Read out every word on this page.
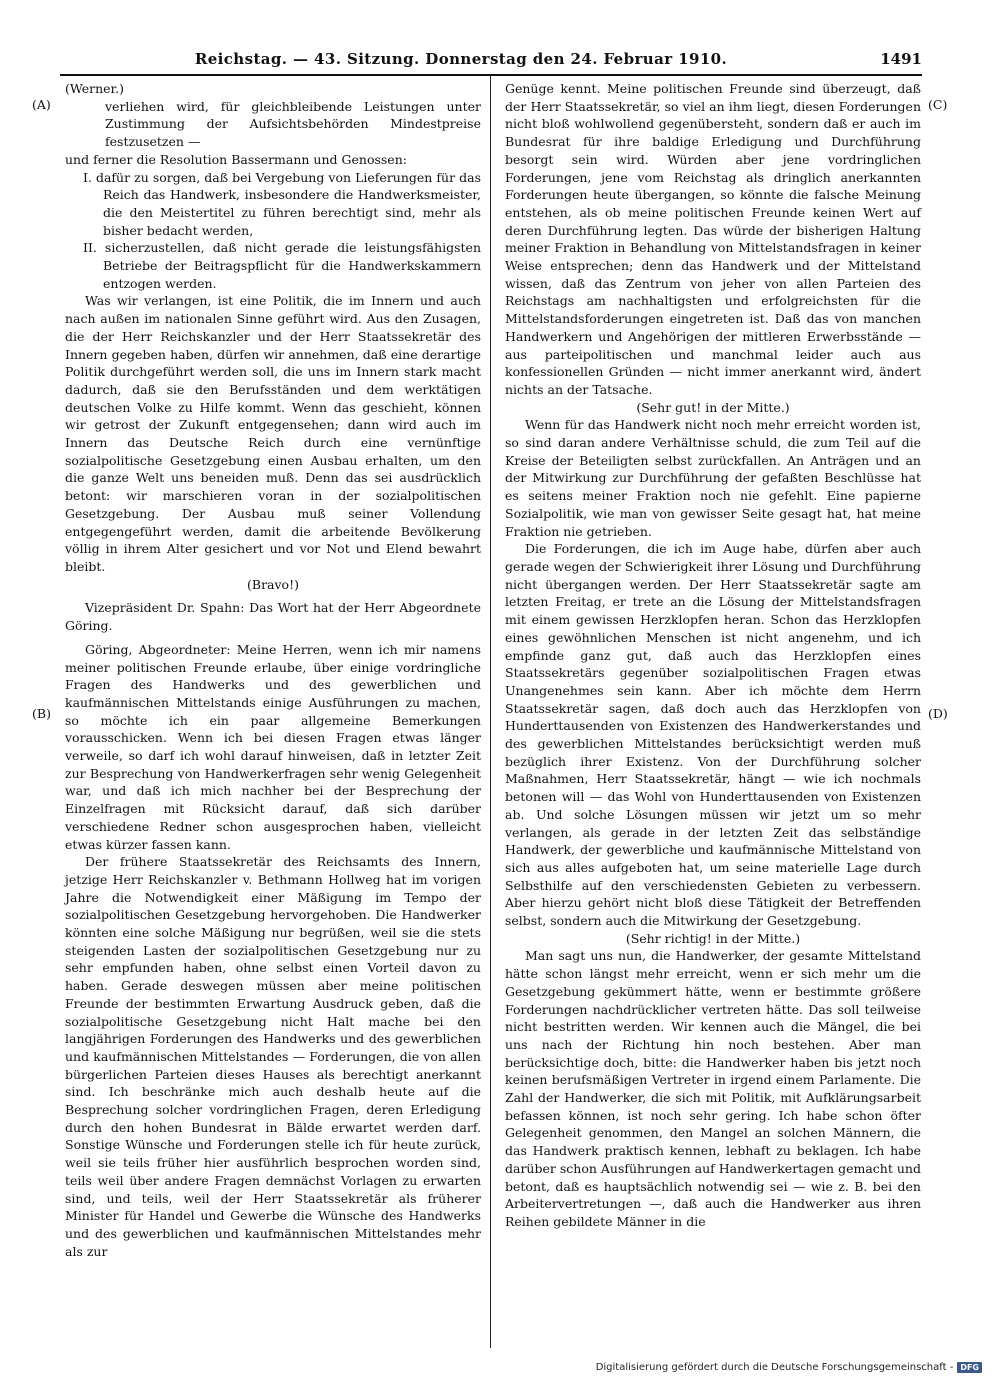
Reichstag. — 43. Sitzung. Donnerstag den 24. Februar 1910.	1491
(A)
(B)
(C)
(D)

(Werner.)

verliehen wird, für gleichbleibende Leistungen unter Zustimmung der Aufsichtsbehörden Mindestpreise festzusetzen —

und ferner die Resolution Bassermann und Genossen:

I. dafür zu sorgen, daß bei Vergebung von Lieferungen für das Reich das Handwerk, insbesondere die Handwerksmeister, die den Meistertitel zu führen berechtigt sind, mehr als bisher bedacht werden,

II. sicherzustellen, daß nicht gerade die leistungsfähigsten Betriebe der Beitragspflicht für die Handwerkskammern entzogen werden.

Was wir verlangen, ist eine Politik, die im Innern und auch nach außen im nationalen Sinne geführt wird. Aus den Zusagen, die der Herr Reichskanzler und der Herr Staatssekretär des Innern gegeben haben, dürfen wir annehmen, daß eine derartige Politik durchgeführt werden soll, die uns im Innern stark macht dadurch, daß sie den Berufsständen und dem werktätigen deutschen Volke zu Hilfe kommt. Wenn das geschieht, können wir getrost der Zukunft entgegensehen; dann wird auch im Innern das Deutsche Reich durch eine vernünftige sozialpolitische Gesetzgebung einen Ausbau erhalten, um den die ganze Welt uns beneiden muß. Denn das sei ausdrücklich betont: wir marschieren voran in der sozialpolitischen Gesetzgebung. Der Ausbau muß seiner Vollendung entgegengeführt werden, damit die arbeitende Bevölkerung völlig in ihrem Alter gesichert und vor Not und Elend bewahrt bleibt.

(Bravo!)

Vizepräsident Dr. Spahn: Das Wort hat der Herr Abgeordnete Göring.

Göring, Abgeordneter: Meine Herren, wenn ich mir namens meiner politischen Freunde erlaube, über einige vordringliche Fragen des Handwerks und des gewerblichen und kaufmännischen Mittelstands einige Ausführungen zu machen, so möchte ich ein paar allgemeine Bemerkungen vorausschicken. Wenn ich bei diesen Fragen etwas länger verweile, so darf ich wohl darauf hinweisen, daß in letzter Zeit zur Besprechung von Handwerkerfragen sehr wenig Gelegenheit war, und daß ich mich nachher bei der Besprechung der Einzelfragen mit Rücksicht darauf, daß sich darüber verschiedene Redner schon ausgesprochen haben, vielleicht etwas kürzer fassen kann.

Der frühere Staatssekretär des Reichsamts des Innern, jetzige Herr Reichskanzler v. Bethmann Hollweg hat im vorigen Jahre die Notwendigkeit einer Mäßigung im Tempo der sozialpolitischen Gesetzgebung hervorgehoben. Die Handwerker könnten eine solche Mäßigung nur begrüßen, weil sie die stets steigenden Lasten der sozialpolitischen Gesetzgebung nur zu sehr empfunden haben, ohne selbst einen Vorteil davon zu haben. Gerade deswegen müssen aber meine politischen Freunde der bestimmten Erwartung Ausdruck geben, daß die sozialpolitische Gesetzgebung nicht Halt mache bei den langjährigen Forderungen des Handwerks und des gewerblichen und kaufmännischen Mittelstandes — Forderungen, die von allen bürgerlichen Parteien dieses Hauses als berechtigt anerkannt sind. Ich beschränke mich auch deshalb heute auf die Besprechung solcher vordringlichen Fragen, deren Erledigung durch den hohen Bundesrat in Bälde erwartet werden darf. Sonstige Wünsche und Forderungen stelle ich für heute zurück, weil sie teils früher hier ausführlich besprochen worden sind, teils weil über andere Fragen demnächst Vorlagen zu erwarten sind, und teils, weil der Herr Staatssekretär als früherer Minister für Handel und Gewerbe die Wünsche des Handwerks und des gewerblichen und kaufmännischen Mittelstandes mehr als zur

Genüge kennt. Meine politischen Freunde sind überzeugt, daß der Herr Staatssekretär, so viel an ihm liegt, diesen Forderungen nicht bloß wohlwollend gegenübersteht, sondern daß er auch im Bundesrat für ihre baldige Erledigung und Durchführung besorgt sein wird. Würden aber jene vordringlichen Forderungen, jene vom Reichstag als dringlich anerkannten Forderungen heute übergangen, so könnte die falsche Meinung entstehen, als ob meine politischen Freunde keinen Wert auf deren Durchführung legten. Das würde der bisherigen Haltung meiner Fraktion in Behandlung von Mittelstandsfragen in keiner Weise entsprechen; denn das Handwerk und der Mittelstand wissen, daß das Zentrum von jeher von allen Parteien des Reichstags am nachhaltigsten und erfolgreichsten für die Mittelstandsforderungen eingetreten ist. Daß das von manchen Handwerkern und Angehörigen der mittleren Erwerbsstände — aus parteipolitischen und manchmal leider auch aus konfessionellen Gründen — nicht immer anerkannt wird, ändert nichts an der Tatsache.

(Sehr gut! in der Mitte.)

Wenn für das Handwerk nicht noch mehr erreicht worden ist, so sind daran andere Verhältnisse schuld, die zum Teil auf die Kreise der Beteiligten selbst zurückfallen. An Anträgen und an der Mitwirkung zur Durchführung der gefaßten Beschlüsse hat es seitens meiner Fraktion noch nie gefehlt. Eine papierne Sozialpolitik, wie man von gewisser Seite gesagt hat, hat meine Fraktion nie getrieben.

Die Forderungen, die ich im Auge habe, dürfen aber auch gerade wegen der Schwierigkeit ihrer Lösung und Durchführung nicht übergangen werden. Der Herr Staatssekretär sagte am letzten Freitag, er trete an die Lösung der Mittelstandsfragen mit einem gewissen Herzklopfen heran. Schon das Herzklopfen eines gewöhnlichen Menschen ist nicht angenehm, und ich empfinde ganz gut, daß auch das Herzklopfen eines Staatssekretärs gegenüber sozialpolitischen Fragen etwas Unangenehmes sein kann. Aber ich möchte dem Herrn Staatssekretär sagen, daß doch auch das Herzklopfen von Hunderttausenden von Existenzen des Handwerkerstandes und des gewerblichen Mittelstandes berücksichtigt werden muß bezüglich ihrer Existenz. Von der Durchführung solcher Maßnahmen, Herr Staatssekretär, hängt — wie ich nochmals betonen will — das Wohl von Hunderttausenden von Existenzen ab. Und solche Lösungen müssen wir jetzt um so mehr verlangen, als gerade in der letzten Zeit das selbständige Handwerk, der gewerbliche und kaufmännische Mittelstand von sich aus alles aufgeboten hat, um seine materielle Lage durch Selbsthilfe auf den verschiedensten Gebieten zu verbessern. Aber hierzu gehört nicht bloß diese Tätigkeit der Betreffenden selbst, sondern auch die Mitwirkung der Gesetzgebung.

(Sehr richtig! in der Mitte.)

Man sagt uns nun, die Handwerker, der gesamte Mittelstand hätte schon längst mehr erreicht, wenn er sich mehr um die Gesetzgebung gekümmert hätte, wenn er bestimmte größere Forderungen nachdrücklicher vertreten hätte. Das soll teilweise nicht bestritten werden. Wir kennen auch die Mängel, die bei uns nach der Richtung hin noch bestehen. Aber man berücksichtige doch, bitte: die Handwerker haben bis jetzt noch keinen berufsmäßigen Vertreter in irgend einem Parlamente. Die Zahl der Handwerker, die sich mit Politik, mit Aufklärungsarbeit befassen können, ist noch sehr gering. Ich habe schon öfter Gelegenheit genommen, den Mangel an solchen Männern, die das Handwerk praktisch kennen, lebhaft zu beklagen. Ich habe darüber schon Ausführungen auf Handwerkertagen gemacht und betont, daß es hauptsächlich notwendig sei — wie z. B. bei den Arbeitervertretungen —, daß auch die Handwerker aus ihren Reihen gebildete Männer in die

Digitalisierung gefördert durch die Deutsche Forschungsgemeinschaft - DFG
